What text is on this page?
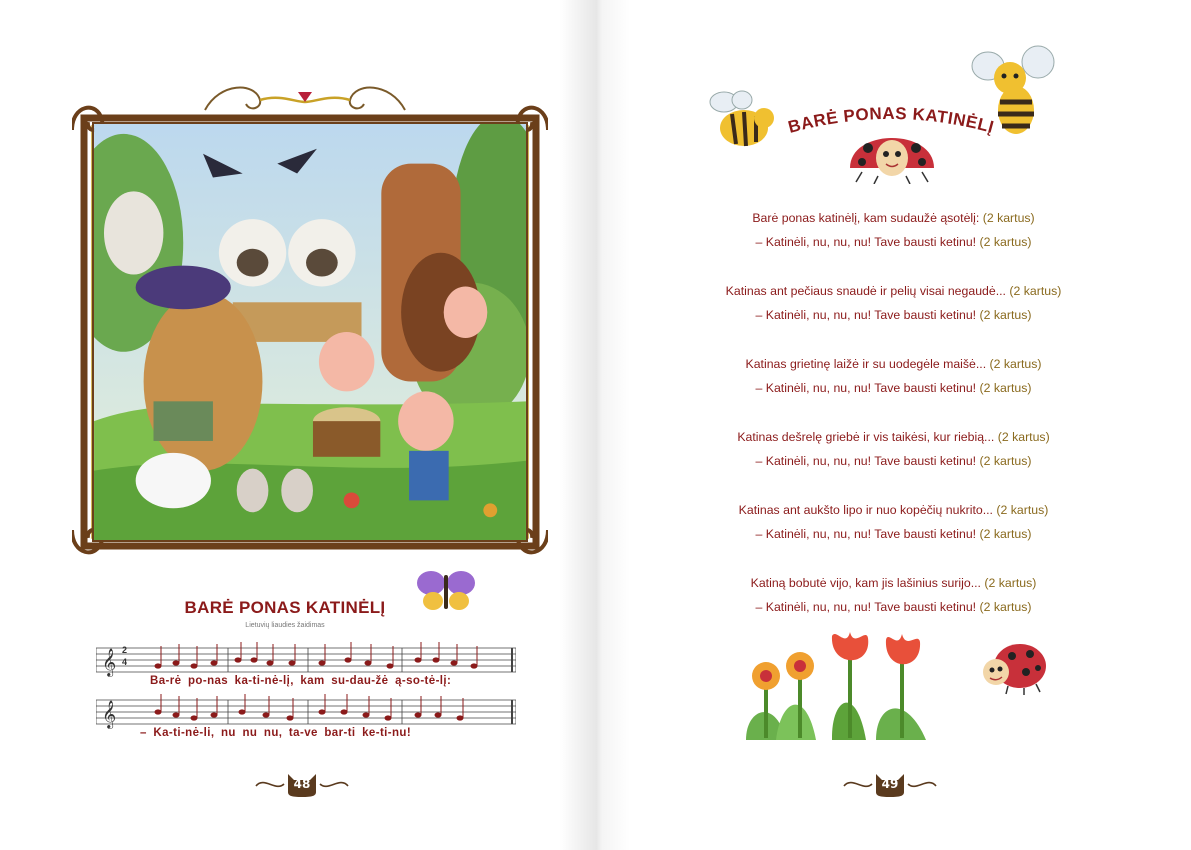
BARĖ PONAS KATINĖLĮ
Lietuvių liaudies žaidimas
𝄞 2
4
Ba-rė po-nas ka-ti-nė-lį, kam su-dau-žė ą-so-tė-lį:
𝄞
– Ka-ti-nė-li, nu nu nu, ta-ve bar-ti ke-ti-nu!
48
BARĖ PONAS KATINĖLĮ
Barė ponas katinėlį, kam sudaužė ąsotėlį: (2 kartus)
– Katinėli, nu, nu, nu! Tave bausti ketinu! (2 kartus)
Katinas ant pečiaus snaudė ir pelių visai negaudė... (2 kartus)
– Katinėli, nu, nu, nu! Tave bausti ketinu! (2 kartus)
Katinas grietinę laižė ir su uodegėle maišė... (2 kartus)
– Katinėli, nu, nu, nu! Tave bausti ketinu! (2 kartus)
Katinas dešrelę griebė ir vis taikėsi, kur riebią... (2 kartus)
– Katinėli, nu, nu, nu! Tave bausti ketinu! (2 kartus)
Katinas ant aukšto lipo ir nuo kopėčių nukrito... (2 kartus)
– Katinėli, nu, nu, nu! Tave bausti ketinu! (2 kartus)
Katiną bobutė vijo, kam jis lašinius surijo... (2 kartus)
– Katinėli, nu, nu, nu! Tave bausti ketinu! (2 kartus)
49
